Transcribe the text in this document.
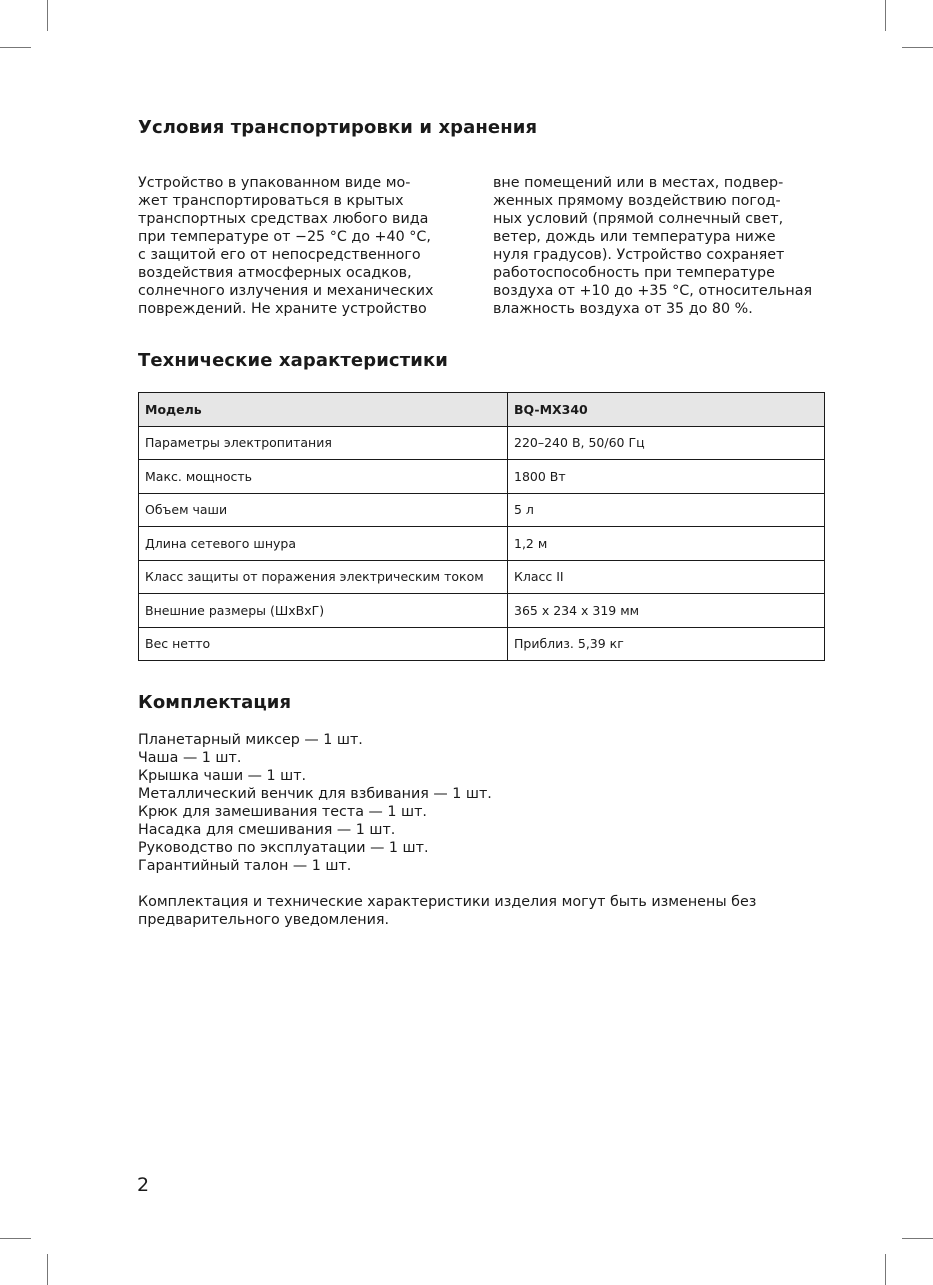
Условия транспортировки и хранения
Устройство в упакованном виде мо-
жет транспортироваться в крытых
транспортных средствах любого вида
при температуре от −25 °C до +40 °C,
с защитой его от непосредственного
воздействия атмосферных осадков,
солнечного излучения и механических
повреждений. Не храните устройство
вне помещений или в местах, подвер-
женных прямому воздействию погод-
ных условий (прямой солнечный свет,
ветер, дождь или температура ниже
нуля градусов). Устройство сохраняет
работоспособность при температуре
воздуха от +10 до +35 °С, относительная
влажность воздуха от 35 до 80 %.
Технические характеристики
Модель	BQ-MX340
Параметры электропитания	220–240 В, 50/60 Гц
Макс. мощность	1800 Вт
Объем чаши	5 л
Длина сетевого шнура	1,2 м
Класс защиты от поражения электрическим током	Класс II
Внешние размеры (ШхВхГ)	365 x 234 x 319 мм
Вес нетто	Приблиз. 5,39 кг
Комплектация
Планетарный миксер — 1 шт.
Чаша — 1 шт.
Крышка чаши — 1 шт.
Металлический венчик для взбивания — 1 шт.
Крюк для замешивания теста — 1 шт.
Насадка для смешивания — 1 шт.
Руководство по эксплуатации — 1 шт.
Гарантийный талон — 1 шт.
Комплектация и технические характеристики изделия могут быть изменены без
предварительного уведомления.
2
